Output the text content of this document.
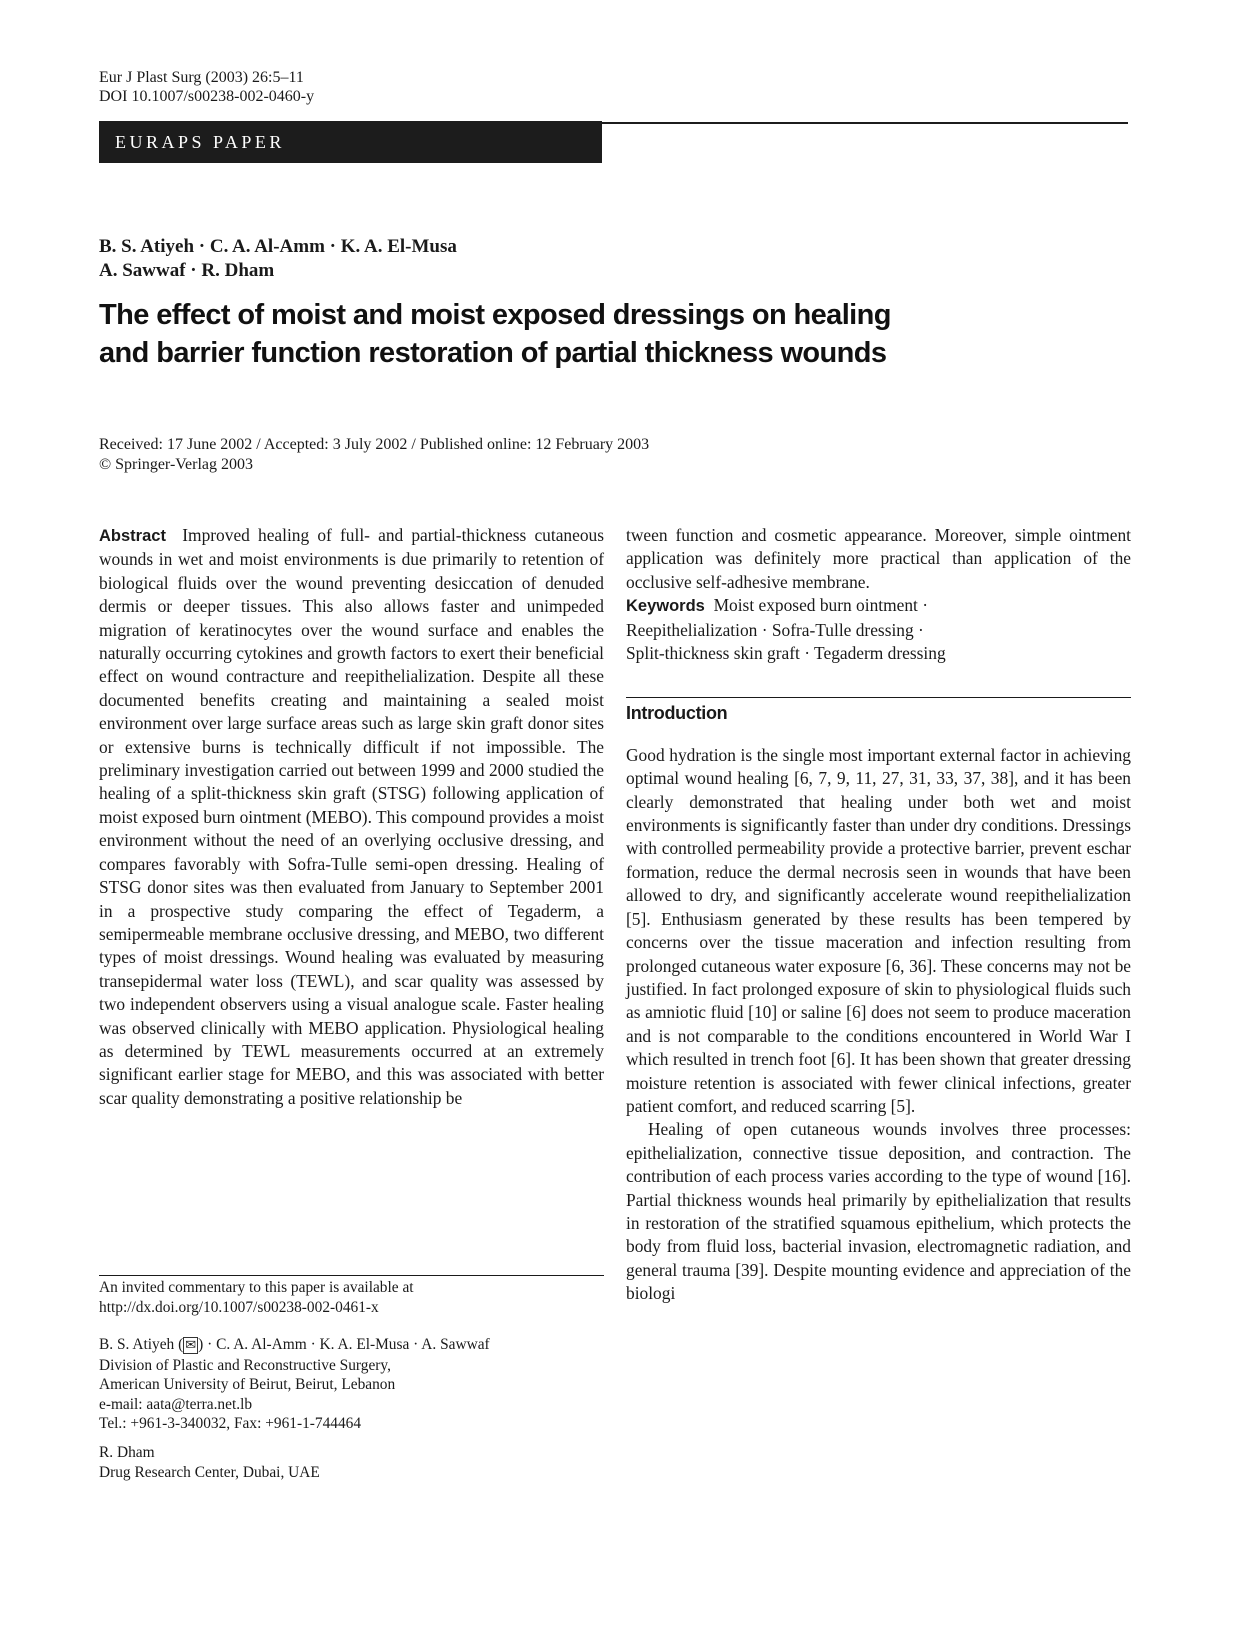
Eur J Plast Surg (2003) 26:5–11
DOI 10.1007/s00238-002-0460-y
EURAPS PAPER
B. S. Atiyeh · C. A. Al-Amm · K. A. El-Musa
A. Sawwaf · R. Dham
The effect of moist and moist exposed dressings on healing
and barrier function restoration of partial thickness wounds
Received: 17 June 2002 / Accepted: 3 July 2002 / Published online: 12 February 2003
© Springer-Verlag 2003

Abstract Improved healing of full- and partial-thickness cutaneous wounds in wet and moist environments is due primarily to retention of biological fluids over the wound preventing desiccation of denuded dermis or deeper tissues. This also allows faster and unimpeded migration of keratinocytes over the wound surface and enables the naturally occurring cytokines and growth factors to exert their beneficial effect on wound contracture and reepithelialization. Despite all these documented benefits creating and maintaining a sealed moist environment over large surface areas such as large skin graft donor sites or extensive burns is technically difficult if not impossible. The preliminary investigation carried out between 1999 and 2000 studied the healing of a split-thickness skin graft (STSG) following application of moist exposed burn ointment (MEBO). This compound provides a moist environment without the need of an overlying occlusive dressing, and compares favorably with Sofra-Tulle semi-open dressing. Healing of STSG donor sites was then evaluated from January to September 2001 in a prospective study comparing the effect of Tegaderm, a semipermeable membrane occlusive dressing, and MEBO, two different types of moist dressings. Wound healing was evaluated by measuring transepidermal water loss (TEWL), and scar quality was assessed by two independent observers using a visual analogue scale. Faster healing was observed clinically with MEBO application. Physiological healing as determined by TEWL measurements occurred at an extremely significant earlier stage for MEBO, and this was associated with better scar quality demonstrating a positive relationship be

An invited commentary to this paper is available at
http://dx.doi.org/10.1007/s00238-002-0461-x
B. S. Atiyeh ( ✉ ) · C. A. Al-Amm · K. A. El-Musa · A. Sawwaf
Division of Plastic and Reconstructive Surgery,
American University of Beirut, Beirut, Lebanon
e-mail: aata@terra.net.lb
Tel.: +961-3-340032, Fax: +961-1-744464
R. Dham
Drug Research Center, Dubai, UAE

tween function and cosmetic appearance. Moreover, simple ointment application was definitely more practical than application of the occlusive self-adhesive membrane.

Keywords Moist exposed burn ointment ·
Reepithelialization · Sofra-Tulle dressing ·
Split-thickness skin graft · Tegaderm dressing

Introduction

Good hydration is the single most important external factor in achieving optimal wound healing [6, 7, 9, 11, 27, 31, 33, 37, 38], and it has been clearly demonstrated that healing under both wet and moist environments is significantly faster than under dry conditions. Dressings with controlled permeability provide a protective barrier, prevent eschar formation, reduce the dermal necrosis seen in wounds that have been allowed to dry, and significantly accelerate wound reepithelialization [5]. Enthusiasm generated by these results has been tempered by concerns over the tissue maceration and infection resulting from prolonged cutaneous water exposure [6, 36]. These concerns may not be justified. In fact prolonged exposure of skin to physiological fluids such as amniotic fluid [10] or saline [6] does not seem to produce maceration and is not comparable to the conditions encountered in World War I which resulted in trench foot [6]. It has been shown that greater dressing moisture retention is associated with fewer clinical infections, greater patient comfort, and reduced scarring [5].

Healing of open cutaneous wounds involves three processes: epithelialization, connective tissue deposition, and contraction. The contribution of each process varies according to the type of wound [16]. Partial thickness wounds heal primarily by epithelialization that results in restoration of the stratified squamous epithelium, which protects the body from fluid loss, bacterial invasion, electromagnetic radiation, and general trauma [39]. Despite mounting evidence and appreciation of the biologi
